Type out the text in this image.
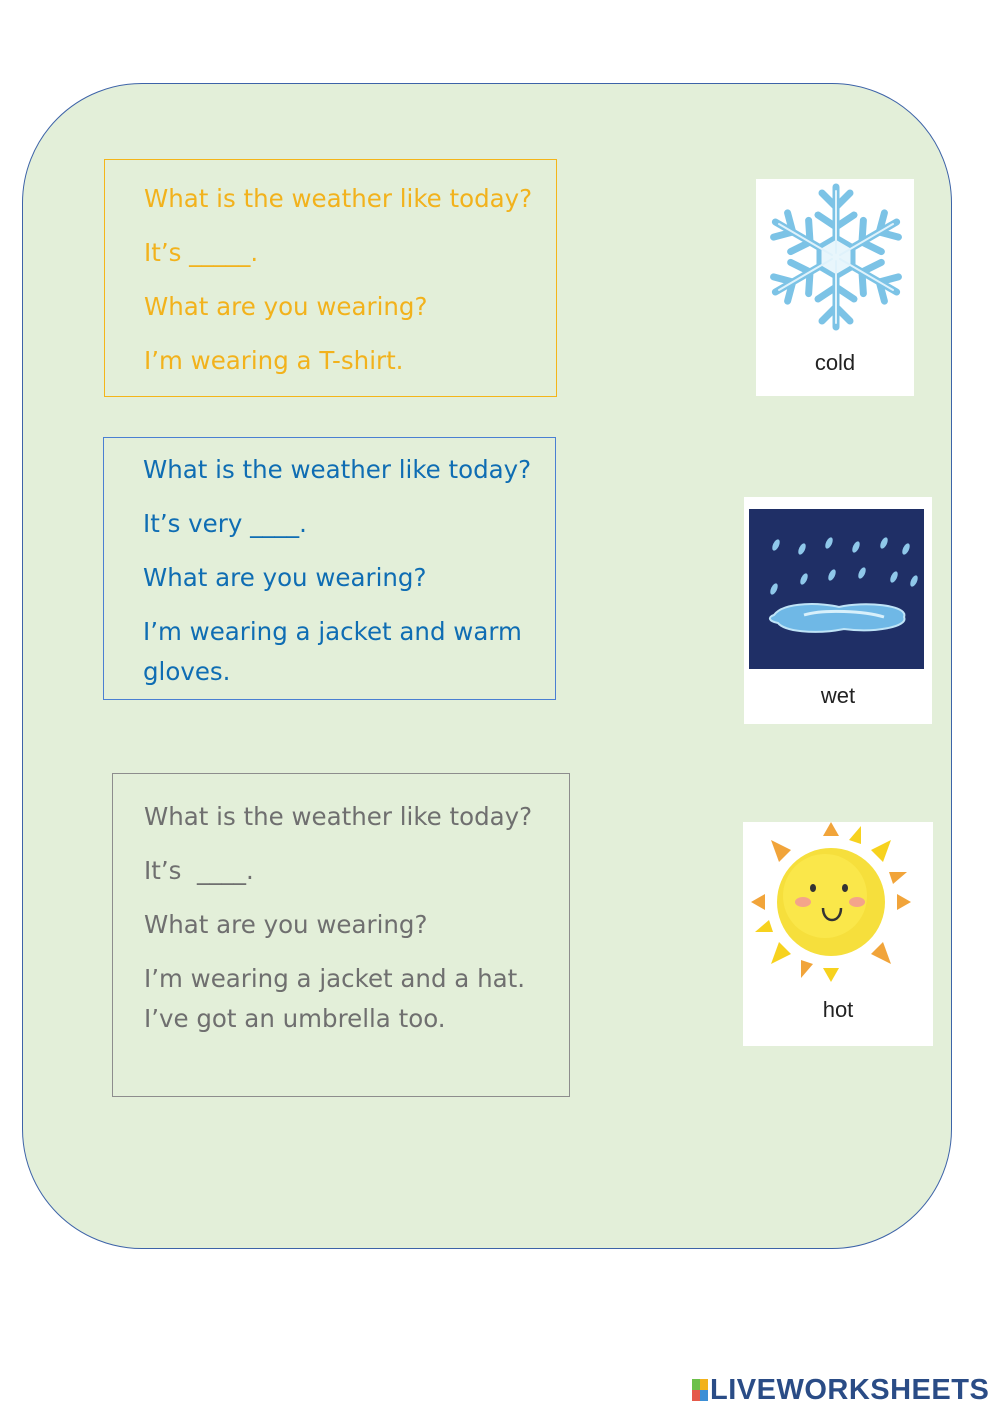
What is the weather like today?

It’s _____.

What are you wearing?

I’m wearing a T-shirt.

What is the weather like today?

It’s very ____.

What are you wearing?

I’m wearing a jacket and warm

gloves.

What is the weather like today?

It’s  ____.

What are you wearing?

I’m wearing a jacket and a hat.

I’ve got an umbrella too.

cold
wet
hot
LIVEWORKSHEETS
